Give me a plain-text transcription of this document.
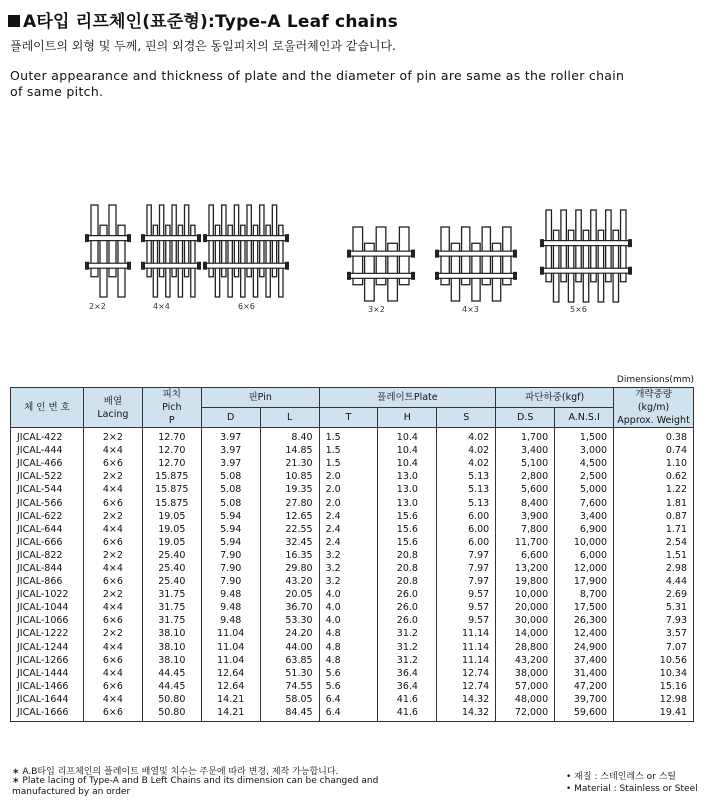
A타입 리프체인(표준형):Type-A Leaf chains
플레이트의 외형 및 두께, 핀의 외경은 동일피치의 로울러체인과 같습니다.
Outer appearance and thickness of plate and the diameter of pin are same as the roller chain of same pitch.
2×2	4×4	6×6	3×2	4×3	5×6
Dimensions(mm)
체 인 번 호	배열
Lacing	피치
Pich
P	핀Pin		플레이트Plate			파단하중(kgf)		개략중량
(kg/m)
Approx. Weight
			D	L	T	H	S	D.S	A.N.S.I	
JICAL-422	2×2	12.70	3.97	8.40	1.5	10.4	4.02	1,700	1,500	0.38
JICAL-444	4×4	12.70	3.97	14.85	1.5	10.4	4.02	3,400	3,000	0.74
JICAL-466	6×6	12.70	3.97	21.30	1.5	10.4	4.02	5,100	4,500	1.10
JICAL-522	2×2	15.875	5.08	10.85	2.0	13.0	5.13	2,800	2,500	0.62
JICAL-544	4×4	15.875	5.08	19.35	2.0	13.0	5.13	5,600	5,000	1.22
JICAL-566	6×6	15.875	5.08	27.80	2.0	13.0	5.13	8,400	7,600	1.81
JICAL-622	2×2	19.05	5.94	12.65	2.4	15.6	6.00	3,900	3,400	0.87
JICAL-644	4×4	19.05	5.94	22.55	2.4	15.6	6.00	7,800	6,900	1.71
JICAL-666	6×6	19.05	5.94	32.45	2.4	15.6	6.00	11,700	10,000	2.54
JICAL-822	2×2	25.40	7.90	16.35	3.2	20.8	7.97	6,600	6,000	1.51
JICAL-844	4×4	25.40	7.90	29.80	3.2	20.8	7.97	13,200	12,000	2.98
JICAL-866	6×6	25.40	7.90	43.20	3.2	20.8	7.97	19,800	17,900	4.44
JICAL-1022	2×2	31.75	9.48	20.05	4.0	26.0	9.57	10,000	8,700	2.69
JICAL-1044	4×4	31.75	9.48	36.70	4.0	26.0	9.57	20,000	17,500	5.31
JICAL-1066	6×6	31.75	9.48	53.30	4.0	26.0	9.57	30,000	26,300	7.93
JICAL-1222	2×2	38.10	11.04	24.20	4.8	31.2	11.14	14,000	12,400	3.57
JICAL-1244	4×4	38.10	11.04	44.00	4.8	31.2	11.14	28,800	24,900	7.07
JICAL-1266	6×6	38.10	11.04	63.85	4.8	31.2	11.14	43,200	37,400	10.56
JICAL-1444	4×4	44.45	12.64	51.30	5.6	36.4	12.74	38,000	31,400	10.34
JICAL-1466	6×6	44.45	12.64	74.55	5.6	36.4	12.74	57,000	47,200	15.16
JICAL-1644	4×4	50.80	14.21	58.05	6.4	41.6	14.32	48,000	39,700	12.98
JICAL-1666	6×6	50.80	14.21	84.45	6.4	41.6	14.32	72,000	59,600	19.41
∗ A.B타입 리프체인의 플레이트 배열및 치수는 주문에 따라 변경, 제작 가능합니다.
∗ Plate lacing of Type-A and B Left Chains and its dimension can be changed and manufactured by an order
• 재질 : 스테인레스 or 스틸
• Material : Stainless or Steel
